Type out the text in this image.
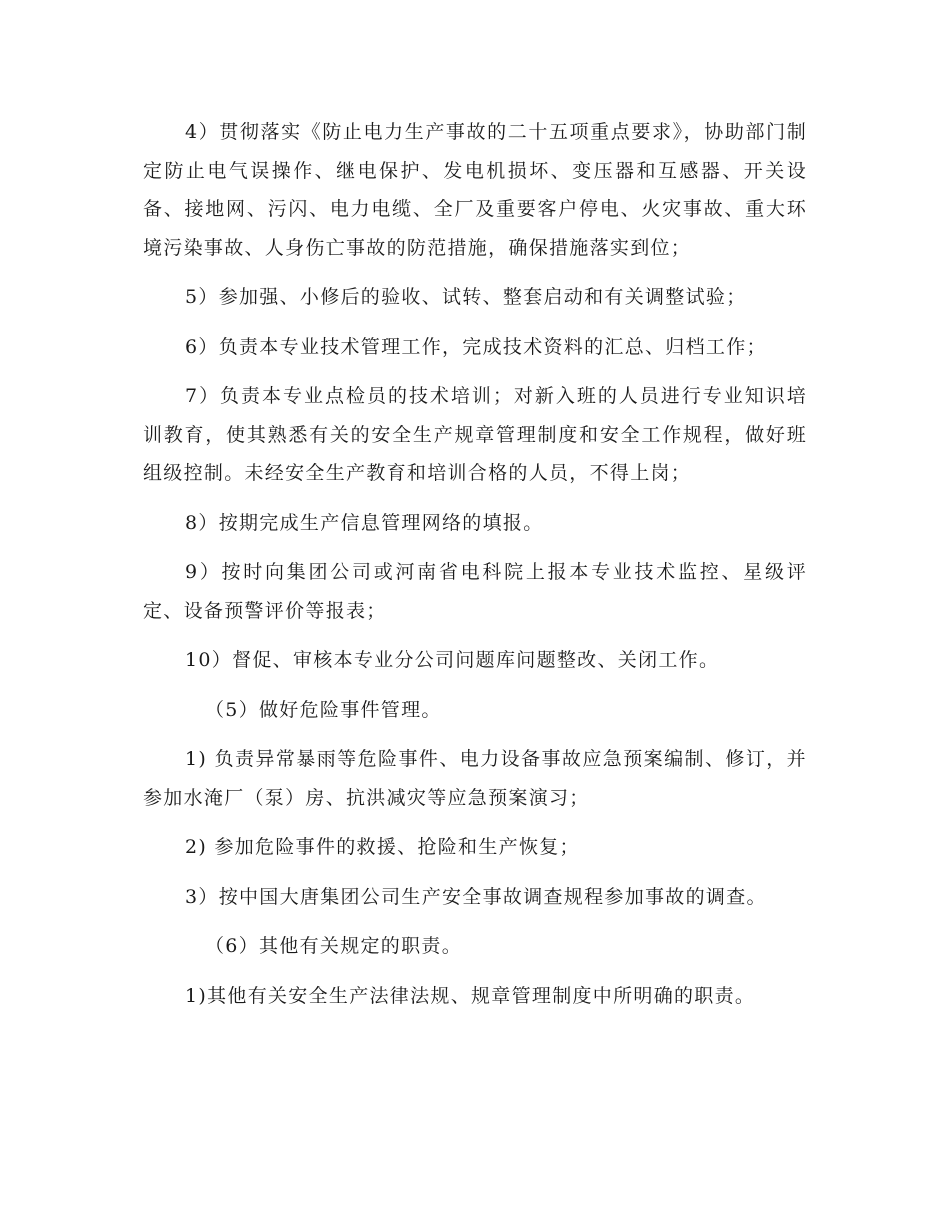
4）贯彻落实《防止电力生产事故的二十五项重点要求》，协助部门制定防止电气误操作、继电保护、发电机损坏、变压器和互感器、开关设备、接地网、污闪、电力电缆、全厂及重要客户停电、火灾事故、重大环境污染事故、人身伤亡事故的防范措施，确保措施落实到位；

5）参加强、小修后的验收、试转、整套启动和有关调整试验；

6）负责本专业技术管理工作，完成技术资料的汇总、归档工作；

7）负责本专业点检员的技术培训；对新入班的人员进行专业知识培训教育，使其熟悉有关的安全生产规章管理制度和安全工作规程，做好班组级控制。未经安全生产教育和培训合格的人员，不得上岗；

8）按期完成生产信息管理网络的填报。

9）按时向集团公司或河南省电科院上报本专业技术监控、星级评定、设备预警评价等报表；

10）督促、审核本专业分公司问题库问题整改、关闭工作。

（5）做好危险事件管理。

1) 负责异常暴雨等危险事件、电力设备事故应急预案编制、修订，并参加水淹厂（泵）房、抗洪减灾等应急预案演习；

2) 参加危险事件的救援、抢险和生产恢复；

3）按中国大唐集团公司生产安全事故调查规程参加事故的调查。

（6）其他有关规定的职责。

1)其他有关安全生产法律法规、规章管理制度中所明确的职责。
